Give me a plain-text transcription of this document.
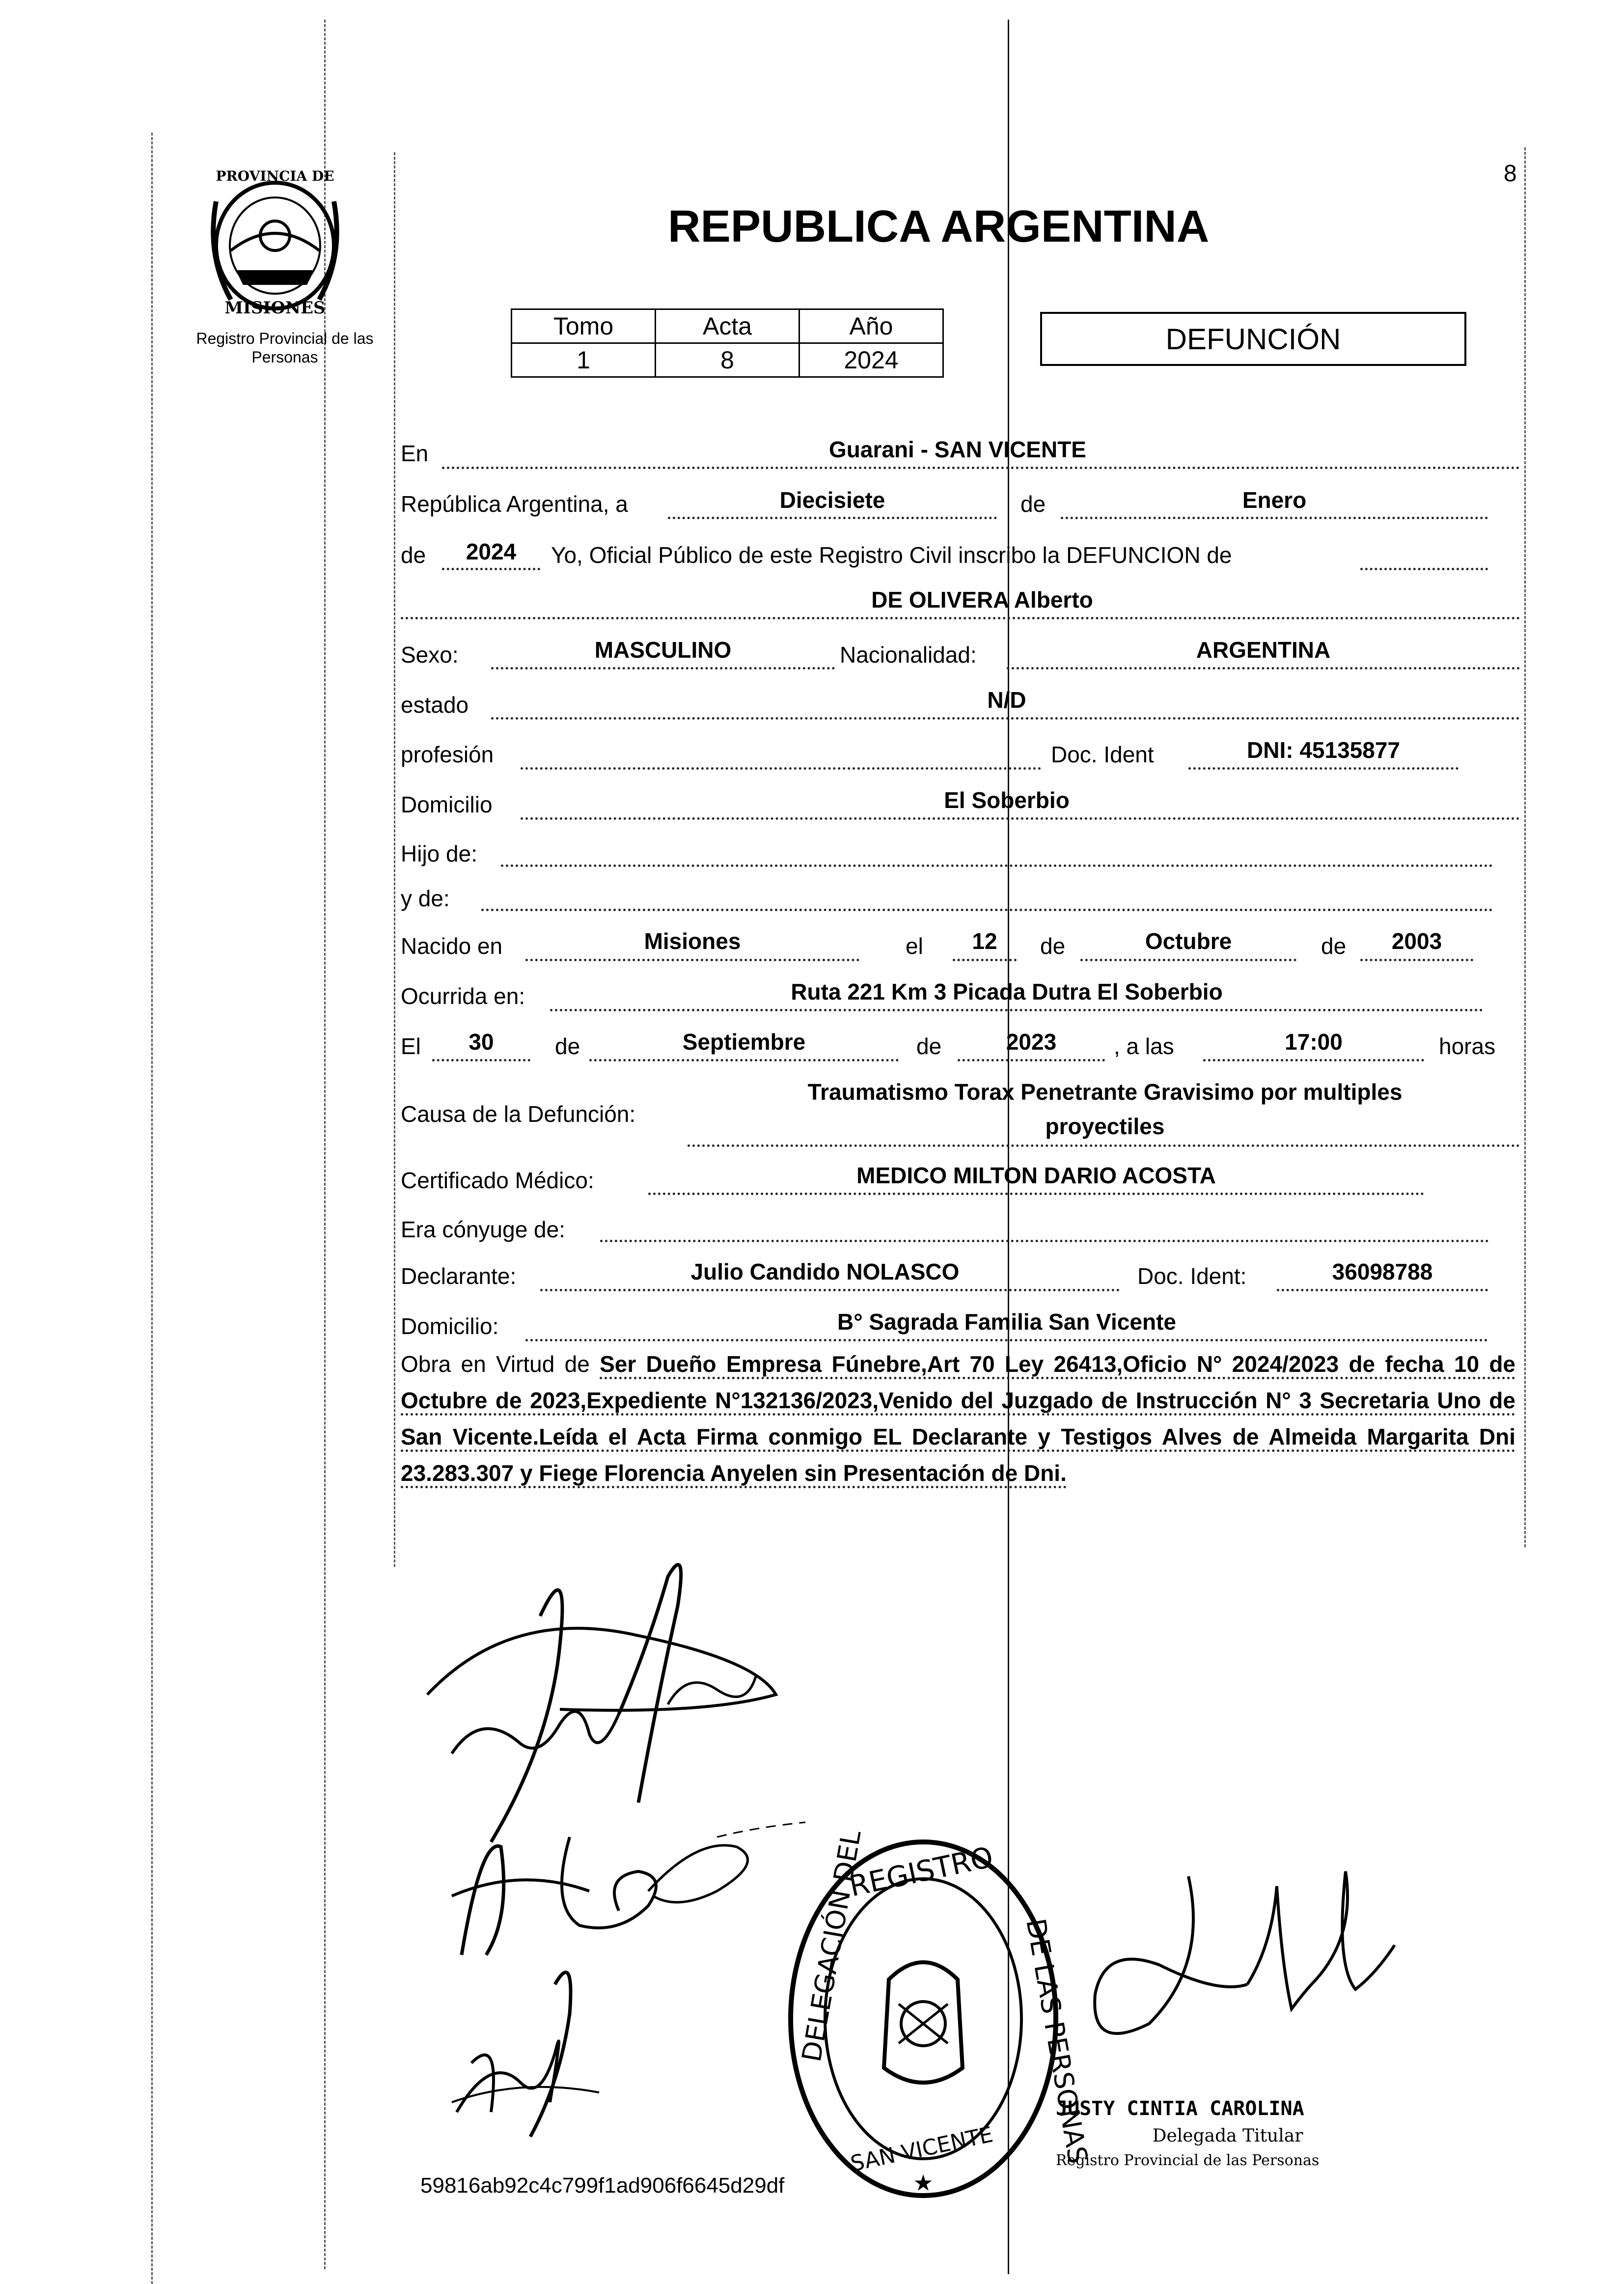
8
PROVINCIA DE
MISIONES
Registro Provincial de las Personas
REPUBLICA ARGENTINA
Tomo	Acta	Año
1	8	2024
DEFUNCIÓN
En	Guarani - SAN VICENTE
República Argentina, a	Diecisiete	de	Enero
de	2024	Yo, Oficial Público de este Registro Civil inscribo la DEFUNCION de
DE OLIVERA Alberto
Sexo:	MASCULINO	Nacionalidad:	ARGENTINA
estado	N/D
profesión	Doc. Ident	DNI: 45135877
Domicilio	El Soberbio
Hijo de:
y de:
Nacido en	Misiones	el	12	de	Octubre	de	2003
Ocurrida en:	Ruta 221 Km 3 Picada Dutra El Soberbio
El	30	de	Septiembre	de	2023	, a las	17:00	horas
Causa de la Defunción:
Traumatismo Torax Penetrante Gravisimo por multiples
proyectiles
Certificado Médico:	MEDICO MILTON DARIO ACOSTA
Era cónyuge de:
Declarante:	Julio Candido NOLASCO	Doc. Ident:	36098788
Domicilio:	B° Sagrada Familia San Vicente
Obra en Virtud de Ser Dueño Empresa Fúnebre,Art 70 Ley 26413,Oficio N° 2024/2023 de fecha 10 de Octubre de 2023,Expediente N°132136/2023,Venido del Juzgado de Instrucción N° 3 Secretaria Uno de San Vicente.Leída el Acta Firma conmigo EL Declarante y Testigos Alves de Almeida Margarita Dni 23.283.307 y Fiege Florencia Anyelen sin Presentación de Dni.
REGISTRO
DELEGACIÓN DEL	DE LAS PERSONAS
SAN VICENTE
★
JUSTY CINTIA CAROLINA
Delegada Titular
Registro Provincial de las Personas
59816ab92c4c799f1ad906f6645d29df
